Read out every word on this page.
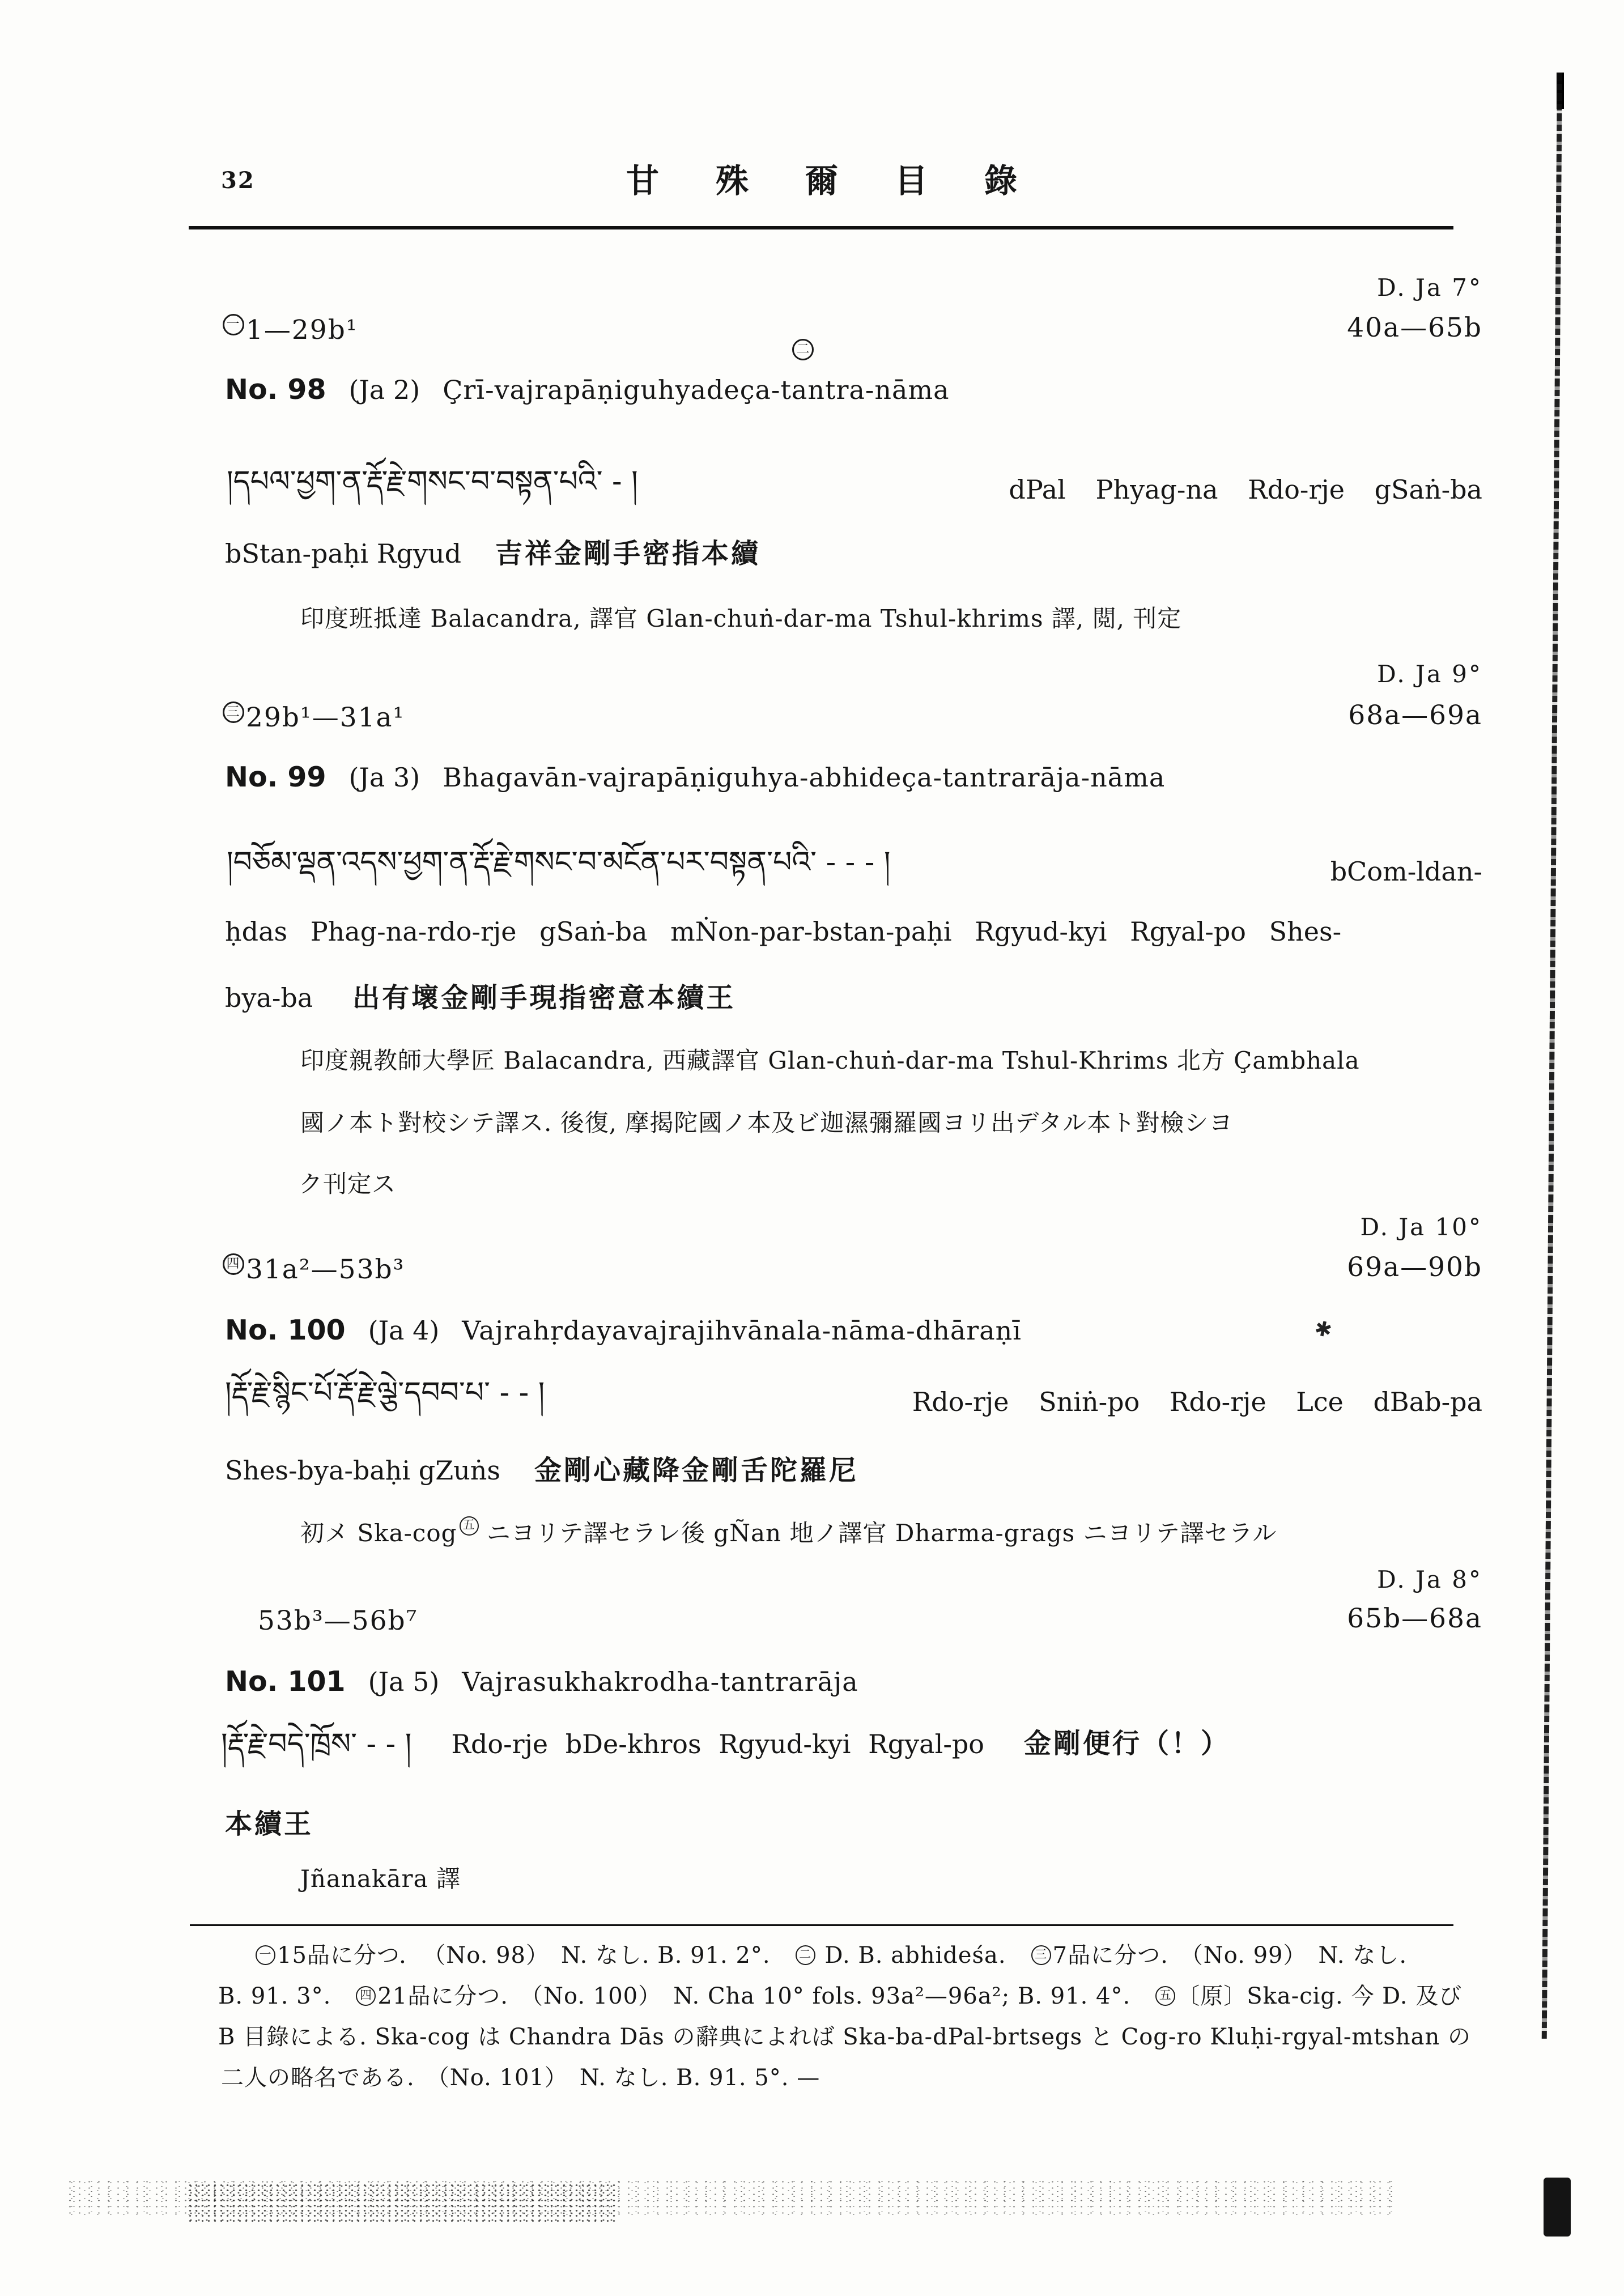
32	甘殊爾目錄
D. Ja 7°
一 1—29b¹	40a—65b
No. 98 (Ja 2) Çrī-vajrapāṇiguhyadeça-tantra-nāma
二
།དཔལ་ཕྱག་ན་རྡོ་རྗེ་གསང་བ་བསྟན་པའི་ - །	dPal Phyag-na Rdo-rje gSaṅ-ba
bStan-paḥi Rgyud 吉祥金剛手密指本續
印度班抵達 Balacandra, 譯官 Glan-chuṅ-dar-ma Tshul-khrims 譯, 閲, 刊定
D. Ja 9°
三 29b¹—31a¹	68a—69a
No. 99 (Ja 3) Bhagavān-vajrapāṇiguhya-abhideça-tantrarāja-nāma
།བཅོམ་ལྡན་འདས་ཕྱག་ན་རྡོ་རྗེ་གསང་བ་མངོན་པར་བསྟན་པའི་ - - - །	bCom-ldan-
ḥdas Phag-na-rdo-rje gSaṅ-ba mṄon-par-bstan-paḥi Rgyud-kyi Rgyal-po Shes-
bya-ba 出有壞金剛手現指密意本續王
印度親教師大學匠 Balacandra, 西藏譯官 Glan-chuṅ-dar-ma Tshul-Khrims 北方 Çambhala
國ノ本ト對校シテ譯ス. 後復, 摩揭陀國ノ本及ビ迦濕彌羅國ヨリ出デタル本ト對檢シヨ
ク刊定ス
D. Ja 10°
四 31a²—53b³	69a—90b
No. 100 (Ja 4) Vajrahṛdayavajrajihvānala-nāma-dhāraṇī	✱
།རྡོ་རྗེ་སྙིང་པོ་རྡོ་རྗེ་ལྕེ་དབབ་པ་ - - །	Rdo-rje Sniṅ-po Rdo-rje Lce dBab-pa
Shes-bya-baḥi gZuṅs 金剛心藏降金剛舌陀羅尼
初メ Ska-cog 五 ニヨリテ譯セラレ後 gÑan 地ノ譯官 Dharma-grags ニヨリテ譯セラル
D. Ja 8°
53b³—56b⁷	65b—68a
No. 101 (Ja 5) Vajrasukhakrodha-tantrarāja
།རྡོ་རྗེ་བདེ་ཁྲོས་ - - ། Rdo-rje bDe-khros Rgyud-kyi Rgyal-po 金剛便行（！）
本續王
Jñanakāra 譯
一 15品に分つ．　（No. 98）　N. なし. B. 91. 2°.　二 D. B. abhideśa.　三 7品に分つ.　（No. 99）　N. なし.
B. 91. 3°.　四 21品に分つ.　（No. 100）　N. Cha 10° fols. 93a²—96a²; B. 91. 4°.　五 〔原〕Ska-cig. 今 D. 及び
B 目錄による. Ska-cog は Chandra Dās の辭典によれば Ska-ba-dPal-brtsegs と Cog-ro Kluḥi-rgyal-mtshan の
二人の略名である.　（No. 101）　N. なし. B. 91. 5°. —
